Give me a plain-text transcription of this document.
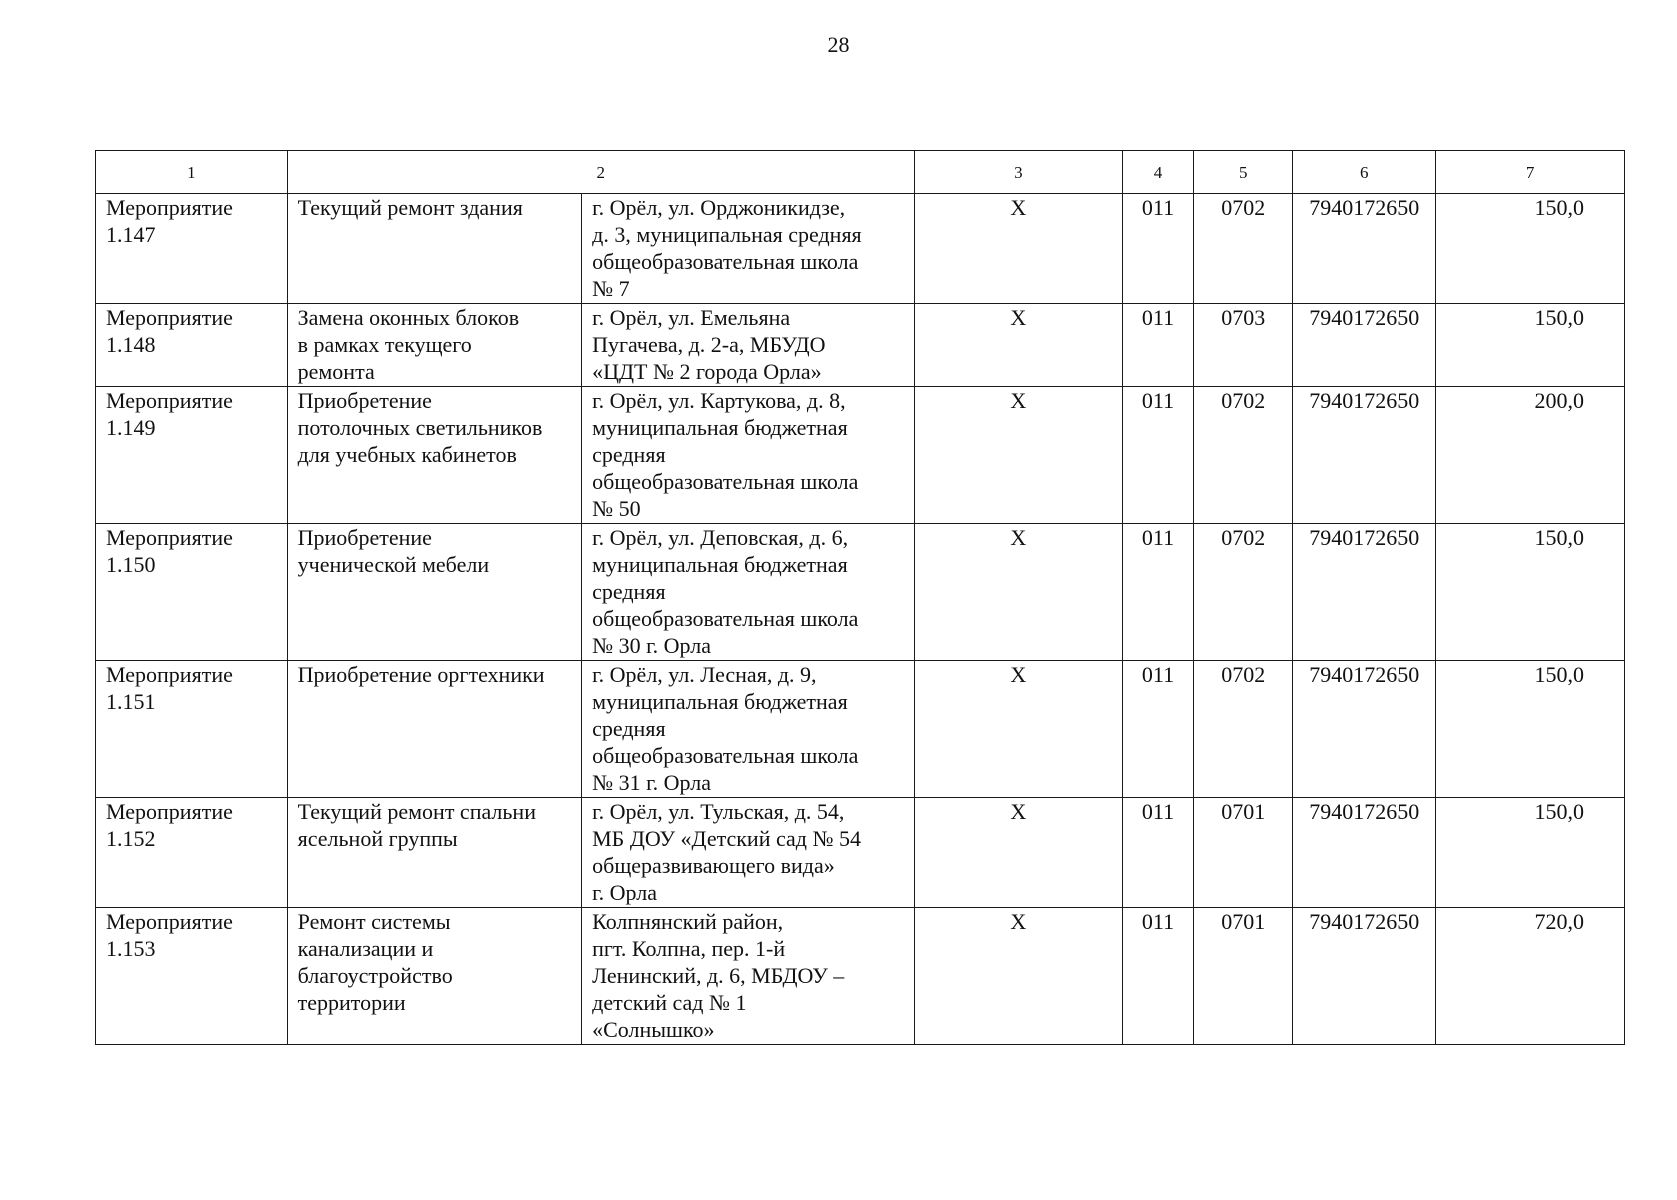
28
1	2		3	4	5	6	7
Мероприятие
1.147	Текущий ремонт здания	г. Орёл, ул. Орджоникидзе,
д. 3, муниципальная средняя
общеобразовательная школа
№ 7	Х	011	0702	7940172650	150,0
Мероприятие
1.148	Замена оконных блоков
в рамках текущего
ремонта	г. Орёл, ул. Емельяна
Пугачева, д. 2-а, МБУДО
«ЦДТ № 2 города Орла»	Х	011	0703	7940172650	150,0
Мероприятие
1.149	Приобретение
потолочных светильников
для учебных кабинетов	г. Орёл, ул. Картукова, д. 8,
муниципальная бюджетная
средняя
общеобразовательная школа
№ 50	Х	011	0702	7940172650	200,0
Мероприятие
1.150	Приобретение
ученической мебели	г. Орёл, ул. Деповская, д. 6,
муниципальная бюджетная
средняя
общеобразовательная школа
№ 30 г. Орла	Х	011	0702	7940172650	150,0
Мероприятие
1.151	Приобретение оргтехники	г. Орёл, ул. Лесная, д. 9,
муниципальная бюджетная
средняя
общеобразовательная школа
№ 31 г. Орла	Х	011	0702	7940172650	150,0
Мероприятие
1.152	Текущий ремонт спальни
ясельной группы	г. Орёл, ул. Тульская, д. 54,
МБ ДОУ «Детский сад № 54
общеразвивающего вида»
г. Орла	Х	011	0701	7940172650	150,0
Мероприятие
1.153	Ремонт системы
канализации и
благоустройство
территории	Колпнянский район,
пгт. Колпна, пер. 1-й
Ленинский, д. 6, МБДОУ –
детский сад № 1
«Солнышко»	Х	011	0701	7940172650	720,0
